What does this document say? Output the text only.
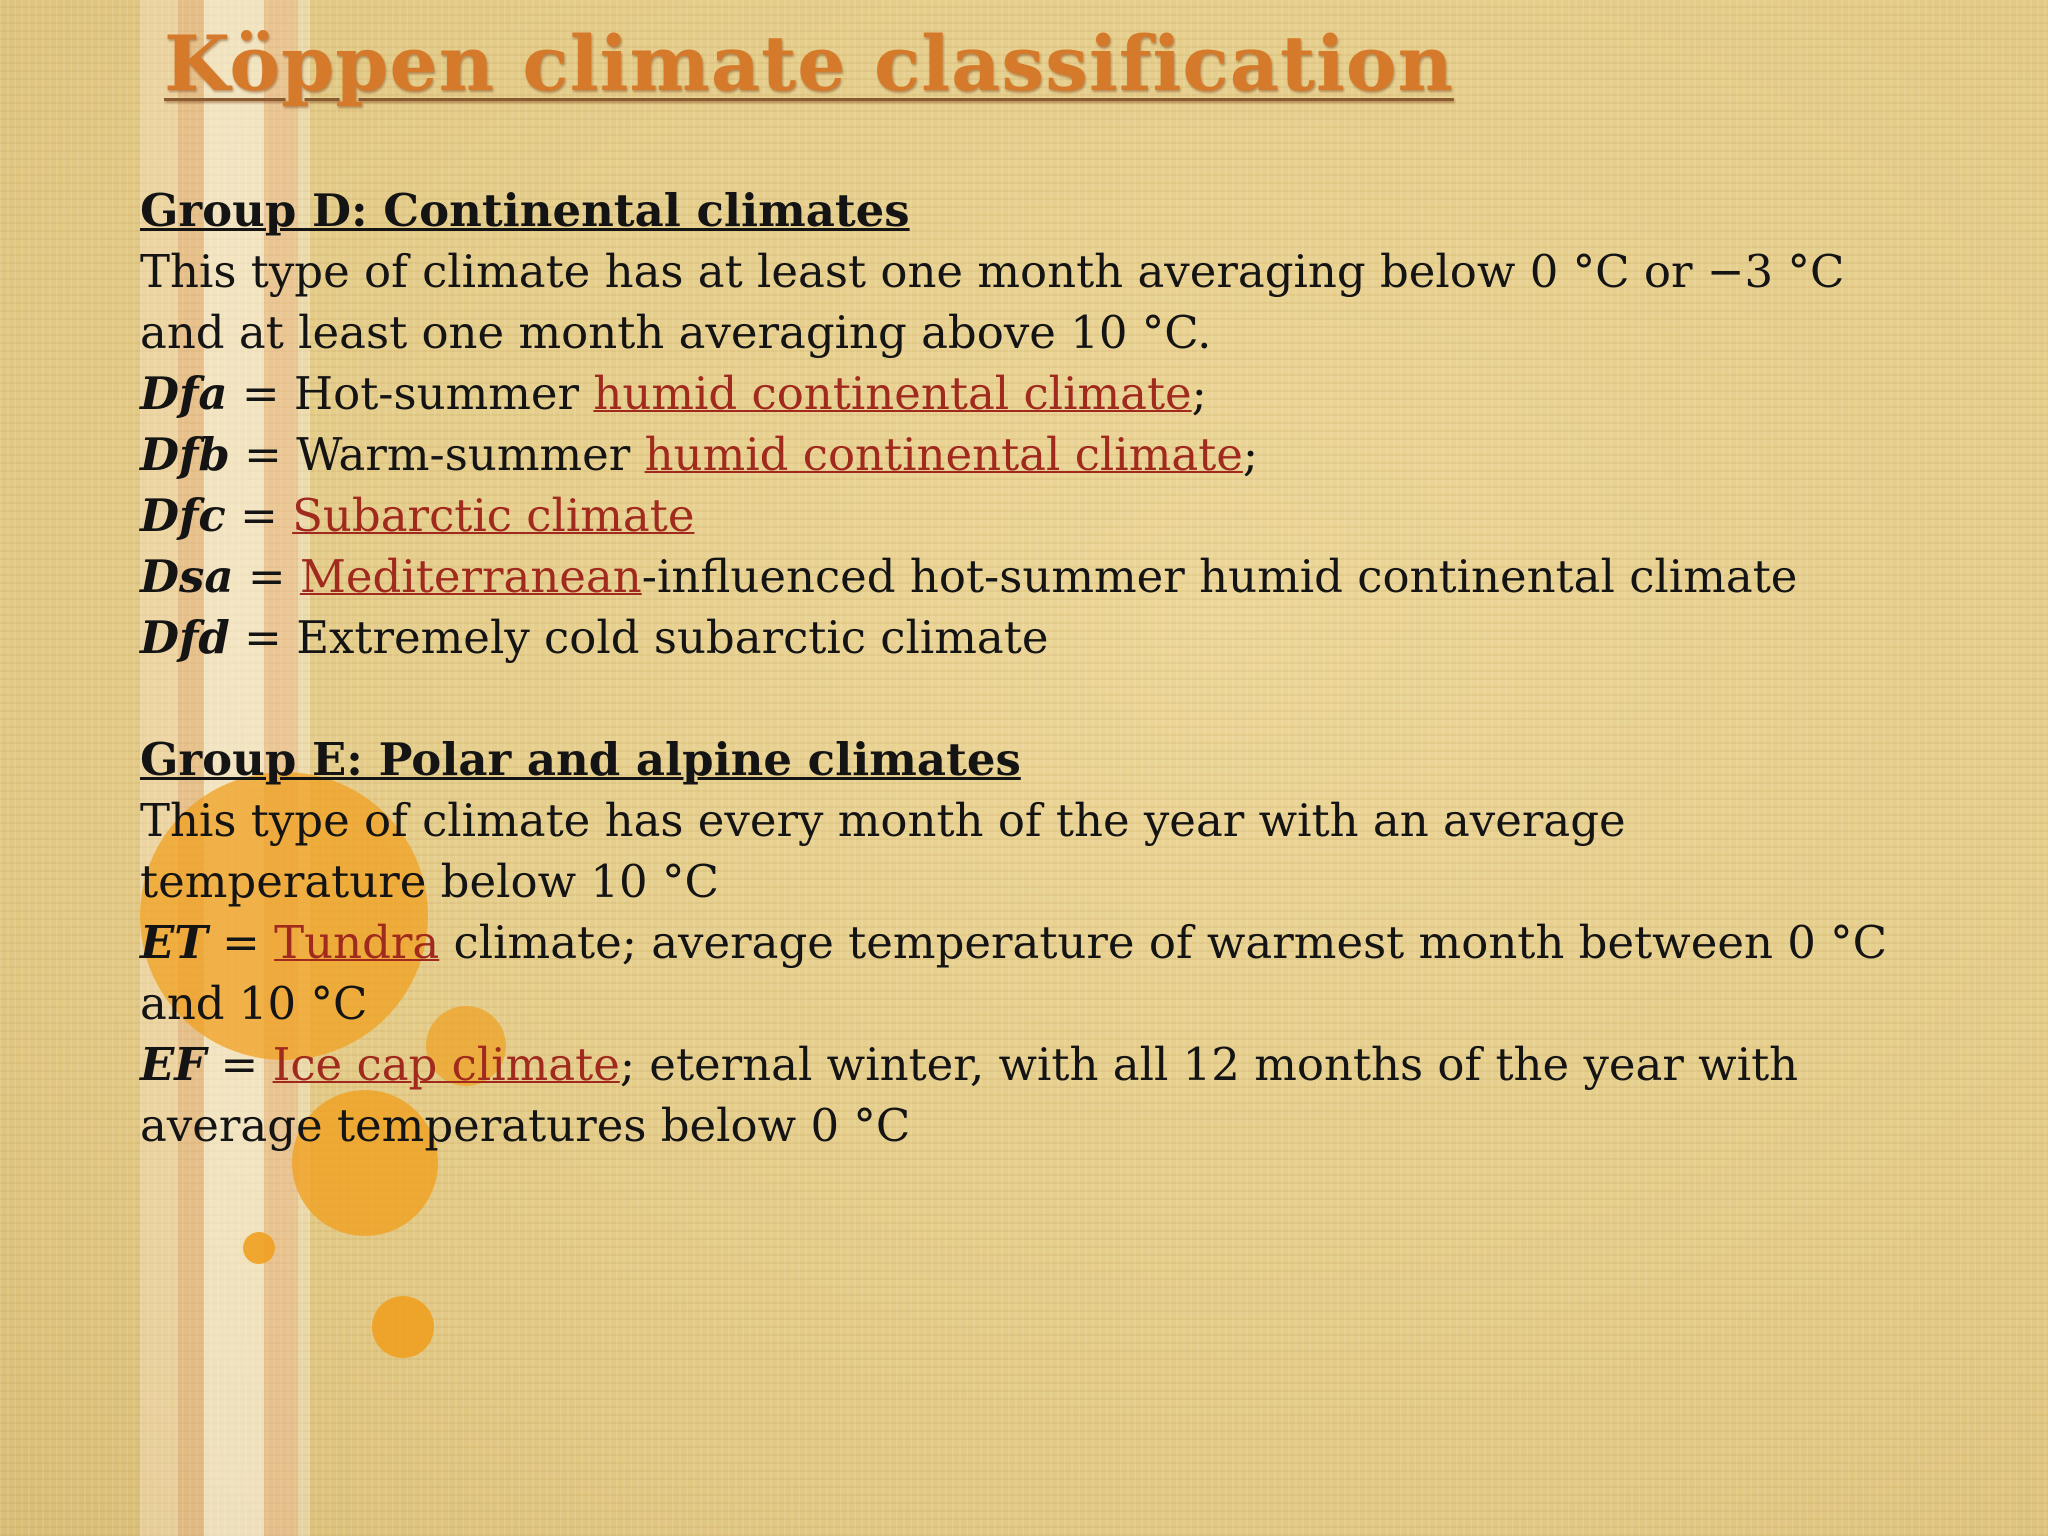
Köppen climate classification

Group D: Continental climates

This type of climate has at least one month averaging below 0 °C or −3 °C

and at least one month averaging above 10 °C.

Dfa = Hot-summer humid continental climate;

Dfb = Warm-summer humid continental climate;

Dfc = Subarctic climate

Dsa = Mediterranean-influenced hot-summer humid continental climate

Dfd = Extremely cold subarctic climate

Group E: Polar and alpine climates

This type of climate has every month of the year with an average

temperature below 10 °C

ET = Tundra climate; average temperature of warmest month between 0 °C

and 10 °C

EF = Ice cap climate; eternal winter, with all 12 months of the year with

average temperatures below 0 °C
